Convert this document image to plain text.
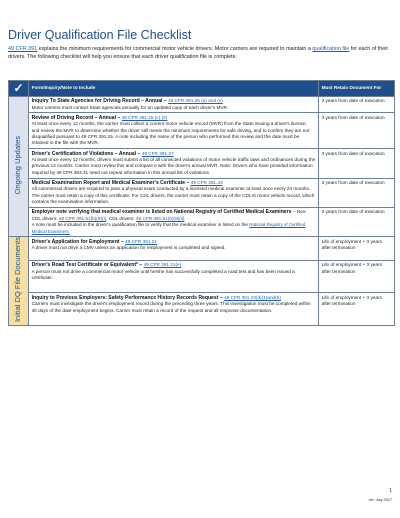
Driver Qualification File Checklist
49 CFR 391 explains the minimum requirements for commercial motor vehicle drivers. Motor carriers are required to maintain a qualification file for each of their drivers. The following checklist will help you ensure that each driver qualification file is complete.
✓	Form/Inquiry/Note to Include	Must Retain Document For
Ongoing Updates	Inquiry To State Agencies for Driving Record – Annual – 49 CFR 391.25 (a) and (c)
Motor carriers must contact State agencies annually for an updated copy of each driver's MVR.	3 years from date of execution
	Review of Driving Record – Annual – 49 CFR 391.25 (c) (2)
At least once every 12 months, the carrier must collect a current motor vehicle record (MVR) from the State issuing a driver's license, and review the MVR to determine whether the driver still meets the minimum requirements for safe driving, and to confirm they are not disqualified pursuant to 49 CFR 391.15. A note including the name of the person who performed this review and the date must be retained in the file with the MVR.	3 years from date of execution
	Driver's Certification of Violations – Annual – 49 CFR 391.27
At least once every 12 months, drivers must submit a list of all convicted violations of motor vehicle traffic laws and ordinances during the previous 12 months. Carrier must review this and compare it with the driver's annual MVR. Note: Drivers who have provided information required by 49 CFR 383.31 need not repeat information in this annual list of violations.	3 years from date of execution
	Medical Examination Report and Medical Examiner's Certificate – 49 CFR 391.43
All commercial drivers are required to pass a physical exam conducted by a licensed medical examiner at least once every 24 months. The carrier must retain a copy of this certificate. For CDL drivers, the carrier must retain a copy of the CDLIS motor vehicle record, which contains the examination information.	3 years from date of execution
	Employer note verifying that medical examiner is listed on National Registry of Certified Medical Examiners – Non-CDL drivers: 49 CFR 391.51(b)(9)(i); CDL drivers: 49 CFR 391.51(b)(9)(ii)
A note must be included in the driver's qualification file to verify that the medical examiner is listed on the National Registry of Certified Medical Examiners.	3 years from date of execution
Initial DQ File Documents	Driver's Application for Employment – 49 CFR 391.21
A driver must not drive a CMV unless an application for employment is completed and signed.	Life of employment + 3 years after termination
	Driver's Road Test Certificate or Equivalent* – 49 CFR 391.31(e)
A person must not drive a commercial motor vehicle until he/she has successfully completed a road test and has been issued a certificate.	Life of employment + 3 years after termination
	Inquiry to Previous Employers: Safety Performance History Records Request – 49 CFR 391.23(d)(1)and(6)
Carriers must investigate the driver's employment record during the preceding three years. This investigation must be completed within 30 days of the date employment begins. Carrier must retain a record of the request and all response documentation.	Life of employment + 3 years after termination
1
rev. July 2017
